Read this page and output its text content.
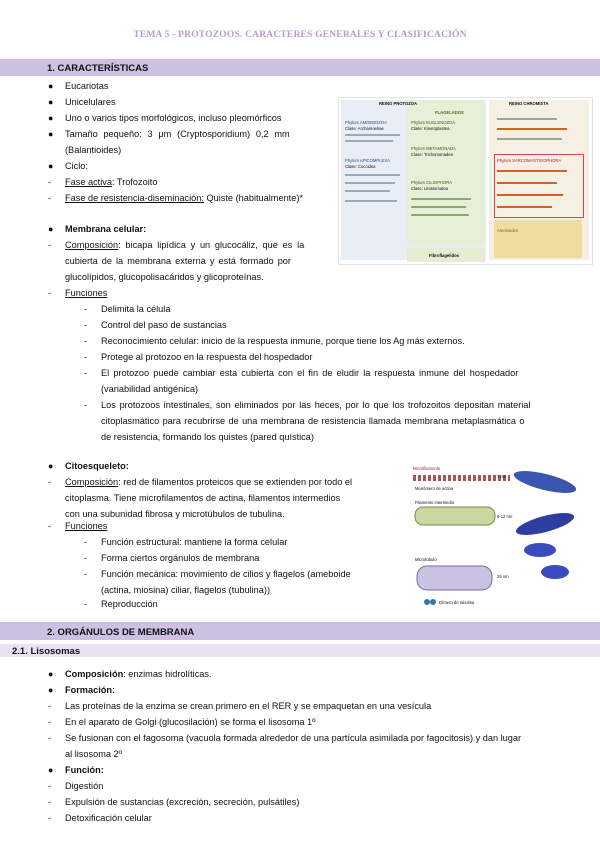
TEMA 5 - PROTOZOOS. CARACTERES GENERALES Y CLASIFICACIÓN
1. CARACTERÍSTICAS
● Eucariotas
● Unicelulares
● Uno o varios tipos morfológicos, incluso pleomórficos
● Tamaño pequeño: 3 μm (Cryptosporidium) 0,2 mm
(Balantioides)
● Ciclo:
- Fase activa: Trofozoito
- Fase de resistencia-diseminación: Quiste (habitualmente)*
● Membrana celular:
- Composición: bicapa lipídica y un glucocáliz, que es la
cubierta de la membrana externa y está formado por
glucolípidos, glucopolisacáridos y glicoproteínas.
- Funciones
- Delimita la célula
- Control del paso de sustancias
- Reconocimiento celular: inicio de la respuesta inmune, porque tiene los Ag más externos.
- Protege al protozoo en la respuesta del hospedador
- El protozoo puede cambiar esta cubierta con el fin de eludir la respuesta inmune del hospedador
(variabilidad antigénica)
- Los protozoos intestinales, son eliminados por las heces, por lo que los trofozoitos depositan material
citoplasmático para recubrirse de una membrana de resistencia llamada membrana metaplasmática o
de resistencia, formando los quistes (pared quística)
● Citoesqueleto:
- Composición: red de filamentos proteicos que se extienden por todo el
citoplasma. Tiene microfilamentos de actina, filamentos intermedios
con una subunidad fibrosa y microtúbulos de tubulina.
- Funciones
- Función estructural: mantiene la forma celular
- Forma ciertos orgánulos de membrana
- Función mecánica: movimiento de cilios y flagelos (ameboide
(actina, miosina) ciliar, flagelos (tubulina))
- Reproducción
2. ORGÁNULOS DE MEMBRANA
2.1. Lisosomas
● Composición: enzimas hidrolíticas.
● Formación:
- Las proteínas de la enzima se crean primero en el RER y se empaquetan en una vesícula
- En el aparato de Golgi (glucosilación) se forma el lisosoma 1º
- Se fusionan con el fagosoma (vacuola formada alrededor de una partícula asimilada por fagocitosis) y dan lugar
al lisosoma 2º
● Función:
- Digestión
- Expulsión de sustancias (excreción, secreción, pulsátiles)
- Detoxificación celular
REINO PROTOZOA
FLAGELADOS
REINO CHROMISTA
Phylum EUGLENOZOA
Clase: Kinetoplastea
Phylum METAMONADA
Clase: Trichomonadea
Phylum AMOEBOZOA
Clase: Archamoebae
Phylum APICOMPLEXA
Clase: Coccidea
Phylum CILIOPHORA
Clase: Litostomatea
Phylum SARCOMASTIGOPHORA
Ameboides
Fibroflagelidos
Microfilamento
Monómero de actina
Filamento intermedio
7 nm
8-12 nm
25 nm
Microtúbulo
Dímero de tubulina
